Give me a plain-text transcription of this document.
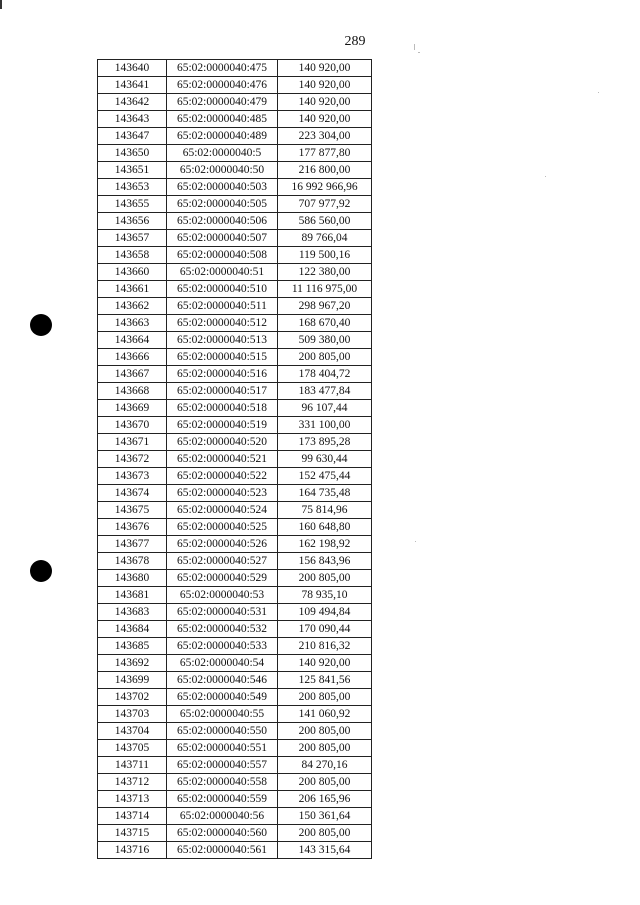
289
143640	65:02:0000040:475	140 920,00
143641	65:02:0000040:476	140 920,00
143642	65:02:0000040:479	140 920,00
143643	65:02:0000040:485	140 920,00
143647	65:02:0000040:489	223 304,00
143650	65:02:0000040:5	177 877,80
143651	65:02:0000040:50	216 800,00
143653	65:02:0000040:503	16 992 966,96
143655	65:02:0000040:505	707 977,92
143656	65:02:0000040:506	586 560,00
143657	65:02:0000040:507	89 766,04
143658	65:02:0000040:508	119 500,16
143660	65:02:0000040:51	122 380,00
143661	65:02:0000040:510	11 116 975,00
143662	65:02:0000040:511	298 967,20
143663	65:02:0000040:512	168 670,40
143664	65:02:0000040:513	509 380,00
143666	65:02:0000040:515	200 805,00
143667	65:02:0000040:516	178 404,72
143668	65:02:0000040:517	183 477,84
143669	65:02:0000040:518	96 107,44
143670	65:02:0000040:519	331 100,00
143671	65:02:0000040:520	173 895,28
143672	65:02:0000040:521	99 630,44
143673	65:02:0000040:522	152 475,44
143674	65:02:0000040:523	164 735,48
143675	65:02:0000040:524	75 814,96
143676	65:02:0000040:525	160 648,80
143677	65:02:0000040:526	162 198,92
143678	65:02:0000040:527	156 843,96
143680	65:02:0000040:529	200 805,00
143681	65:02:0000040:53	78 935,10
143683	65:02:0000040:531	109 494,84
143684	65:02:0000040:532	170 090,44
143685	65:02:0000040:533	210 816,32
143692	65:02:0000040:54	140 920,00
143699	65:02:0000040:546	125 841,56
143702	65:02:0000040:549	200 805,00
143703	65:02:0000040:55	141 060,92
143704	65:02:0000040:550	200 805,00
143705	65:02:0000040:551	200 805,00
143711	65:02:0000040:557	84 270,16
143712	65:02:0000040:558	200 805,00
143713	65:02:0000040:559	206 165,96
143714	65:02:0000040:56	150 361,64
143715	65:02:0000040:560	200 805,00
143716	65:02:0000040:561	143 315,64
